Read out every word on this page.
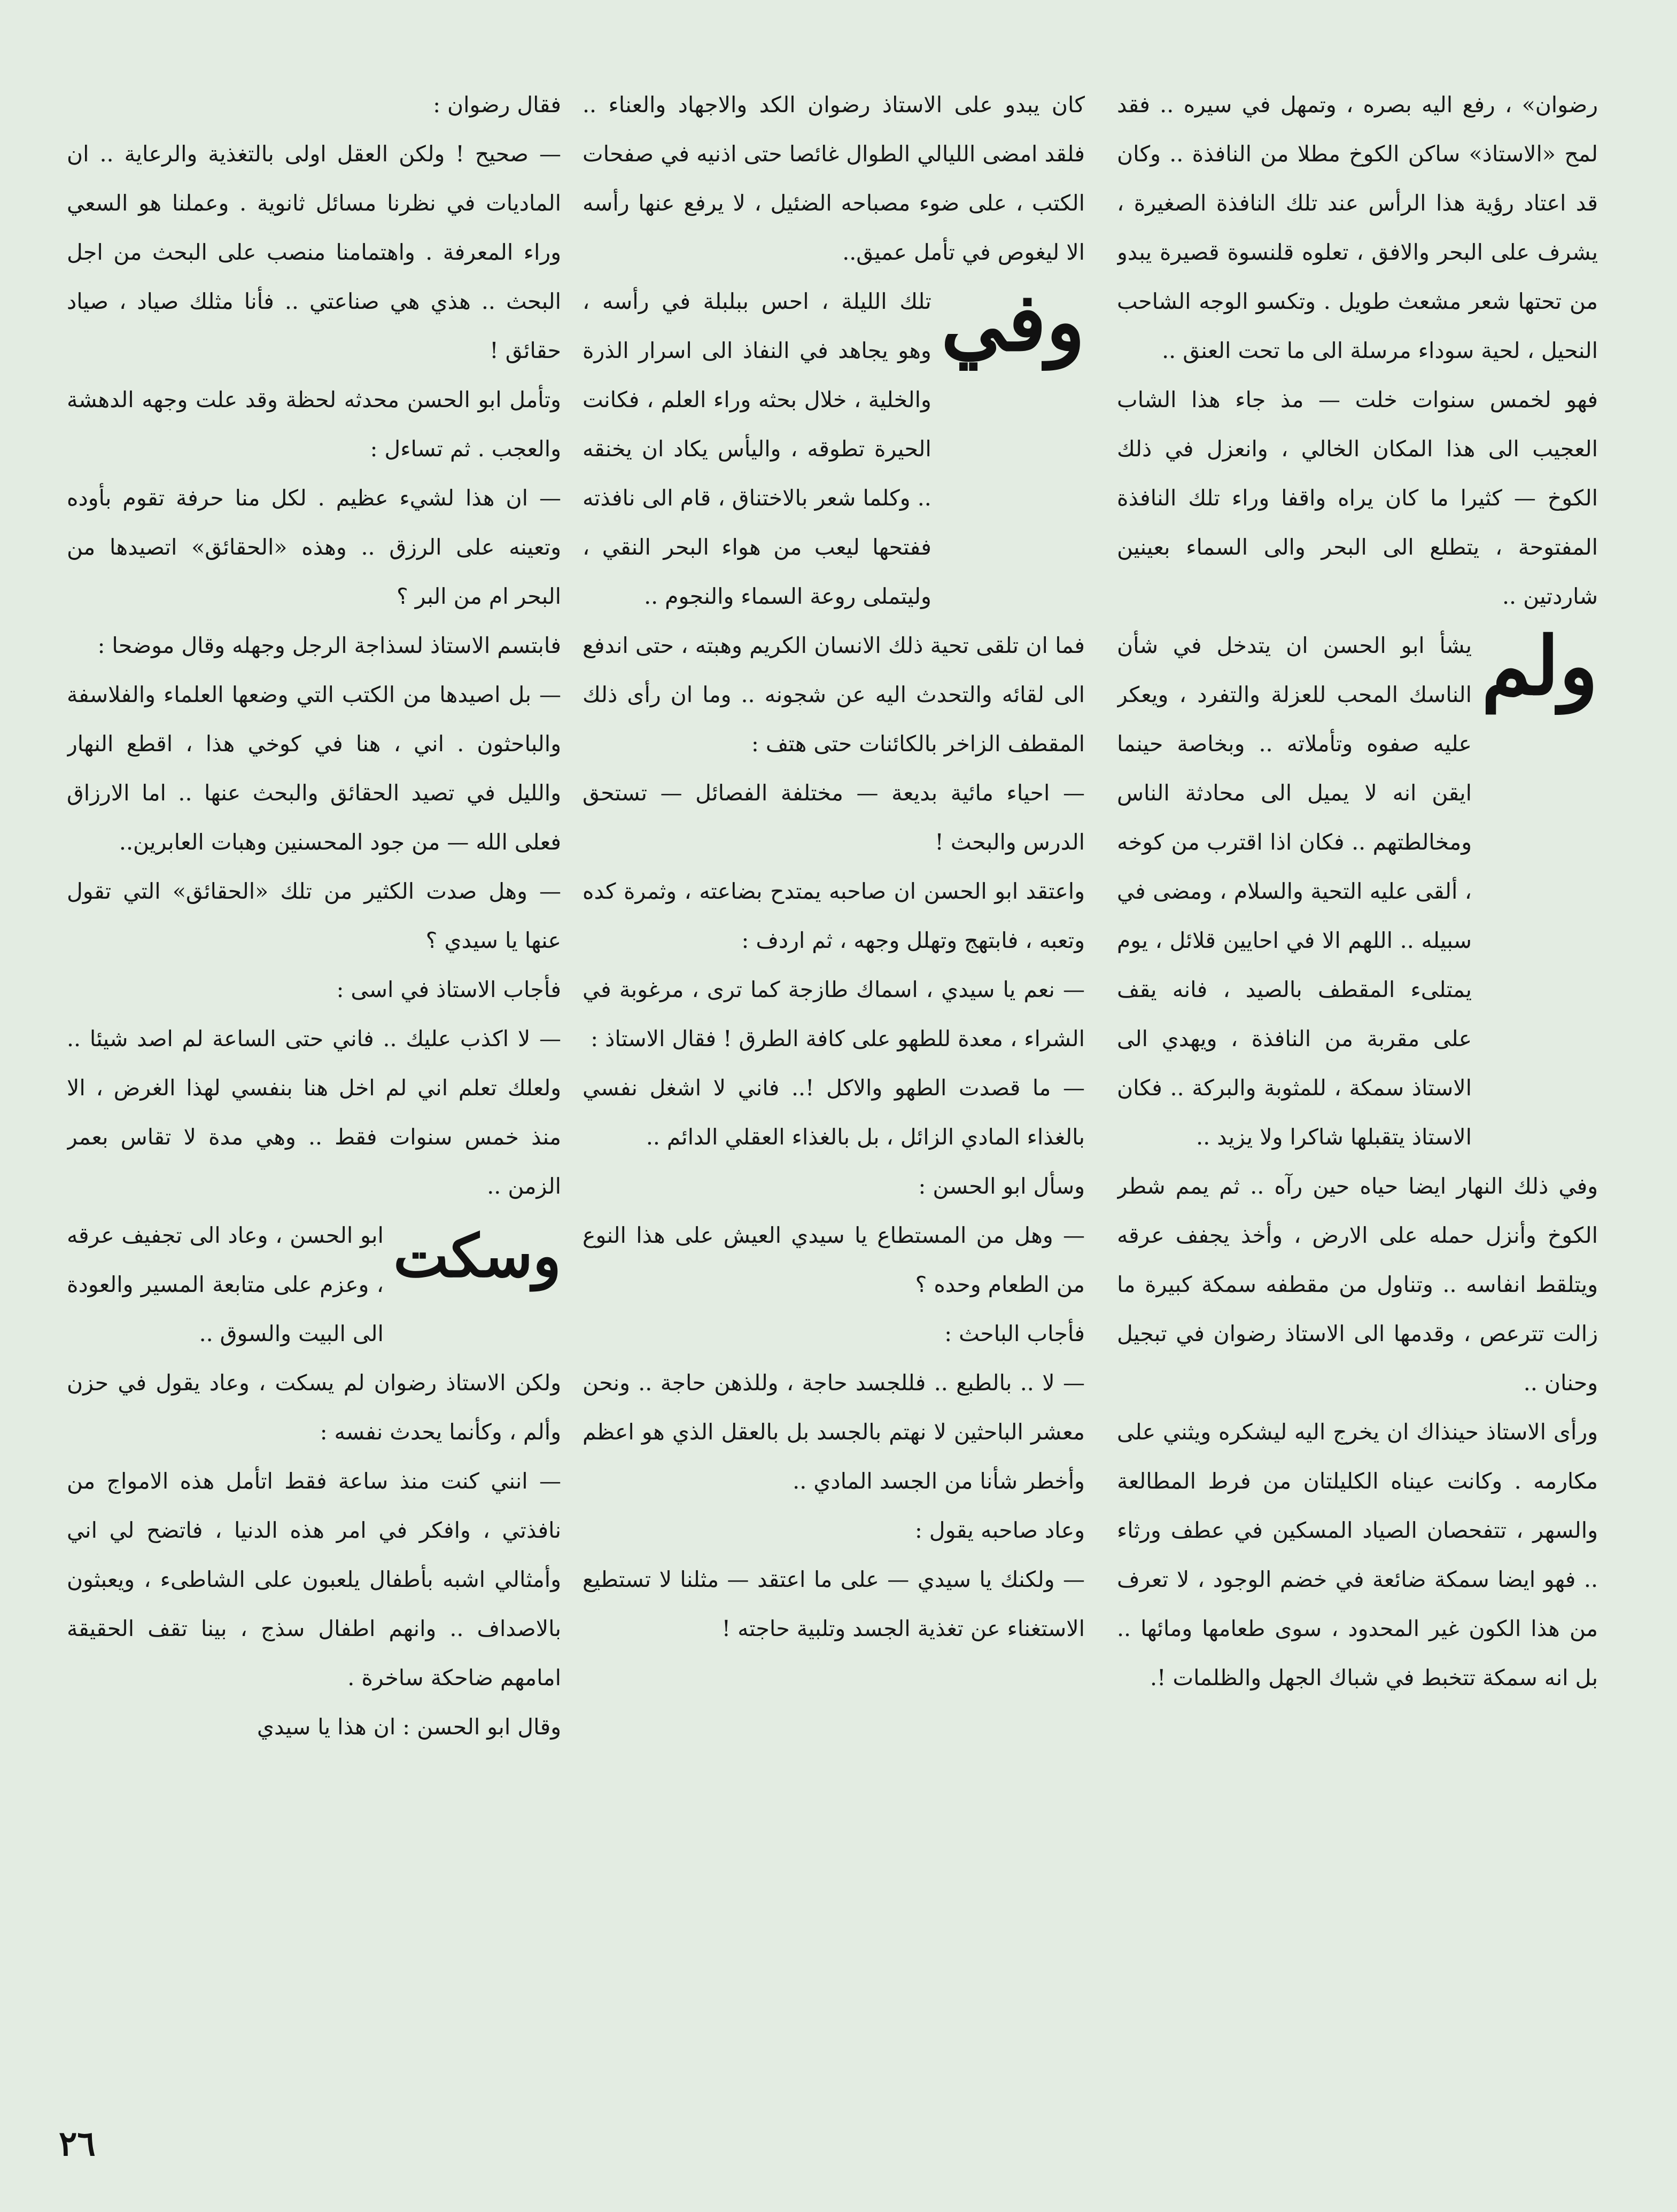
رضوان» ، رفع اليه بصره ، وتمهل في سيره .. فقد لمح «الاستاذ» ساكن الكوخ مطلا من النافذة .. وكان قد اعتاد رؤية هذا الرأس عند تلك النافذة الصغيرة ، يشرف على البحر والافق ، تعلوه قلنسوة قصيرة يبدو من تحتها شعر مشعث طويل . وتكسو الوجه الشاحب النحيل ، لحية سوداء مرسلة الى ما تحت العنق ..

فهو لخمس سنوات خلت — مذ جاء هذا الشاب العجيب الى هذا المكان الخالي ، وانعزل في ذلك الكوخ — كثيرا ما كان يراه واقفا وراء تلك النافذة المفتوحة ، يتطلع الى البحر والى السماء بعينين شاردتين ..

ولم

يشأ ابو الحسن ان يتدخل في شأن الناسك المحب للعزلة والتفرد ، ويعكر عليه صفوه وتأملاته .. وبخاصة حينما ايقن انه لا يميل الى محادثة الناس ومخالطتهم .. فكان اذا اقترب من كوخه ، ألقى عليه التحية والسلام ، ومضى في سبيله .. اللهم الا في احايين قلائل ، يوم يمتلىء المقطف بالصيد ، فانه يقف على مقربة من النافذة ، ويهدي الى الاستاذ سمكة ، للمثوبة والبركة .. فكان الاستاذ يتقبلها شاكرا ولا يزيد ..

وفي ذلك النهار ايضا حياه حين رآه .. ثم يمم شطر الكوخ وأنزل حمله على الارض ، وأخذ يجفف عرقه ويتلقط انفاسه .. وتناول من مقطفه سمكة كبيرة ما زالت تترعص ، وقدمها الى الاستاذ رضوان في تبجيل وحنان ..

ورأى الاستاذ حينذاك ان يخرج اليه ليشكره ويثني على مكارمه . وكانت عيناه الكليلتان من فرط المطالعة والسهر ، تتفحصان الصياد المسكين في عطف ورثاء .. فهو ايضا سمكة ضائعة في خضم الوجود ، لا تعرف من هذا الكون غير المحدود ، سوى طعامها ومائها .. بل انه سمكة تتخبط في شباك الجهل والظلمات !.

كان يبدو على الاستاذ رضوان الكد والاجهاد والعناء .. فلقد امضى الليالي الطوال غائصا حتى اذنيه في صفحات الكتب ، على ضوء مصباحه الضئيل ، لا يرفع عنها رأسه الا ليغوص في تأمل عميق..

وفي

تلك الليلة ، احس ببلبلة في رأسه ، وهو يجاهد في النفاذ الى اسرار الذرة والخلية ، خلال بحثه وراء العلم ، فكانت الحيرة تطوقه ، واليأس يكاد ان يخنقه .. وكلما شعر بالاختناق ، قام الى نافذته ففتحها ليعب من هواء البحر النقي ، وليتملى روعة السماء والنجوم ..

فما ان تلقى تحية ذلك الانسان الكريم وهبته ، حتى اندفع الى لقائه والتحدث اليه عن شجونه .. وما ان رأى ذلك المقطف الزاخر بالكائنات حتى هتف :

— احياء مائية بديعة — مختلفة الفصائل — تستحق الدرس والبحث !

واعتقد ابو الحسن ان صاحبه يمتدح بضاعته ، وثمرة كده وتعبه ، فابتهج وتهلل وجهه ، ثم اردف :

— نعم يا سيدي ، اسماك طازجة كما ترى ، مرغوبة في الشراء ، معدة للطهو على كافة الطرق ! فقال الاستاذ :

— ما قصدت الطهو والاكل !.. فاني لا اشغل نفسي بالغذاء المادي الزائل ، بل بالغذاء العقلي الدائم ..

وسأل ابو الحسن :

— وهل من المستطاع يا سيدي العيش على هذا النوع من الطعام وحده ؟

فأجاب الباحث :

— لا .. بالطبع .. فللجسد حاجة ، وللذهن حاجة .. ونحن معشر الباحثين لا نهتم بالجسد بل بالعقل الذي هو اعظم وأخطر شأنا من الجسد المادي ..

وعاد صاحبه يقول :

— ولكنك يا سيدي — على ما اعتقد — مثلنا لا تستطيع الاستغناء عن تغذية الجسد وتلبية حاجته !

فقال رضوان :

— صحيح ! ولكن العقل اولى بالتغذية والرعاية .. ان الماديات في نظرنا مسائل ثانوية . وعملنا هو السعي وراء المعرفة . واهتمامنا منصب على البحث من اجل البحث .. هذي هي صناعتي .. فأنا مثلك صياد ، صياد حقائق !

وتأمل ابو الحسن محدثه لحظة وقد علت وجهه الدهشة والعجب . ثم تساءل :

— ان هذا لشيء عظيم . لكل منا حرفة تقوم بأوده وتعينه على الرزق .. وهذه «الحقائق» اتصيدها من البحر ام من البر ؟

فابتسم الاستاذ لسذاجة الرجل وجهله وقال موضحا :

— بل اصيدها من الكتب التي وضعها العلماء والفلاسفة والباحثون . اني ، هنا في كوخي هذا ، اقطع النهار والليل في تصيد الحقائق والبحث عنها .. اما الارزاق فعلى الله — من جود المحسنين وهبات العابرين..

— وهل صدت الكثير من تلك «الحقائق» التي تقول عنها يا سيدي ؟

فأجاب الاستاذ في اسى :

— لا اكذب عليك .. فاني حتى الساعة لم اصد شيئا .. ولعلك تعلم اني لم اخل هنا بنفسي لهذا الغرض ، الا منذ خمس سنوات فقط .. وهي مدة لا تقاس بعمر الزمن ..

وسكت

ابو الحسن ، وعاد الى تجفيف عرقه ، وعزم على متابعة المسير والعودة الى البيت والسوق ..

ولكن الاستاذ رضوان لم يسكت ، وعاد يقول في حزن وألم ، وكأنما يحدث نفسه :

— انني كنت منذ ساعة فقط اتأمل هذه الامواج من نافذتي ، وافكر في امر هذه الدنيا ، فاتضح لي اني وأمثالي اشبه بأطفال يلعبون على الشاطىء ، ويعبثون بالاصداف .. وانهم اطفال سذج ، بينا تقف الحقيقة امامهم ضاحكة ساخرة .

وقال ابو الحسن : ان هذا يا سيدي

٢٦
